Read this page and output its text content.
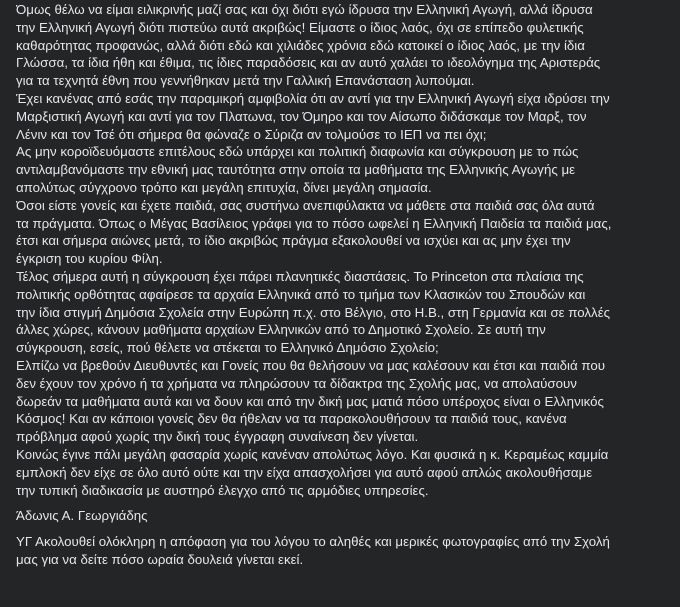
Όμως θέλω να είμαι ειλικρινής μαζί σας και όχι διότι εγώ ίδρυσα την Ελληνική Αγωγή, αλλά ίδρυσα
την Ελληνική Αγωγή διότι πιστεύω αυτά ακριβώς! Είμαστε ο ίδιος λαός, όχι σε επίπεδο φυλετικής
καθαρότητας προφανώς, αλλά διότι εδώ και χιλιάδες χρόνια εδώ κατοικεί ο ίδιος λαός, με την ίδια
Γλώσσα, τα ίδια ήθη και έθιμα, τις ίδιες παραδόσεις και αν αυτό χαλάει το ιδεολόγημα της Αριστεράς
για τα τεχνητά έθνη που γεννήθηκαν μετά την Γαλλική Επανάσταση λυπούμαι.
Έχει κανένας από εσάς την παραμικρή αμφιβολία ότι αν αντί για την Ελληνική Αγωγή είχα ιδρύσει την
Μαρξιστική Αγωγή και αντί για τον Πλατωνα, τον Όμηρο και τον Αίσωπο διδάσκαμε τον Μαρξ, τον
Λένιν και τον Τσέ ότι σήμερα θα φώναζε ο Σύριζα αν τολμούσε το ΙΕΠ να πει όχι;
Ας μην κοροϊδευόμαστε επιτέλους εδώ υπάρχει και πολιτική διαφωνία και σύγκρουση με το πώς
αντιλαμβανόμαστε την εθνική μας ταυτότητα στην οποία τα μαθήματα της Ελληνικής Αγωγής με
απολύτως σύγχρονο τρόπο και μεγάλη επιτυχία, δίνει μεγάλη σημασία.
Όσοι είστε γονείς και έχετε παιδιά, σας συστήνω ανεπιφύλακτα να μάθετε στα παιδιά σας όλα αυτά
τα πράγματα. Όπως ο Μέγας Βασίλειος γράφει για το πόσο ωφελεί η Ελληνική Παιδεία τα παιδιά μας,
έτσι και σήμερα αιώνες μετά, το ίδιο ακριβώς πράγμα εξακολουθεί να ισχύει και ας μην έχει την
έγκριση του κυρίου Φίλη.
Τέλος σήμερα αυτή η σύγκρουση έχει πάρει πλανητικές διαστάσεις. Το Princeton στα πλαίσια της
πολιτικής ορθότητας αφαίρεσε τα αρχαία Ελληνικά από το τμήμα των Κλασικών του Σπουδών και
την ίδια στιγμή Δημόσια Σχολεία στην Ευρώπη π.χ. στο Βέλγιο, στο Η.Β., στη Γερμανία και σε πολλές
άλλες χώρες, κάνουν μαθήματα αρχαίων Ελληνικών από το Δημοτικό Σχολείο. Σε αυτή την
σύγκρουση, εσείς, πού θέλετε να στέκεται το Ελληνικό Δημόσιο Σχολείο;
Ελπίζω να βρεθούν Διευθυντές και Γονείς που θα θελήσουν να μας καλέσουν και έτσι και παιδιά που
δεν έχουν τον χρόνο ή τα χρήματα να πληρώσουν τα δίδακτρα της Σχολής μας, να απολαύσουν
δωρεάν τα μαθήματα αυτά και να δουν και από την δική μας ματιά πόσο υπέροχος είναι ο Ελληνικός
Κόσμος! Και αν κάποιοι γονείς δεν θα ήθελαν να τα παρακολουθήσουν τα παιδιά τους, κανένα
πρόβλημα αφού χωρίς την δική τους έγγραφη συναίνεση δεν γίνεται.
Κοινώς έγινε πάλι μεγάλη φασαρία χωρίς κανέναν απολύτως λόγο. Και φυσικά η κ. Κεραμέως καμμία
εμπλοκή δεν είχε σε όλο αυτό ούτε και την είχα απασχολήσει για αυτό αφού απλώς ακολουθήσαμε
την τυπική διαδικασία με αυστηρό έλεγχο από τις αρμόδιες υπηρεσίες.
Άδωνις Α. Γεωργιάδης
ΥΓ Ακολουθεί ολόκληρη η απόφαση για του λόγου το αληθές και μερικές φωτογραφίες από την Σχολή
μας για να δείτε πόσο ωραία δουλειά γίνεται εκεί.
